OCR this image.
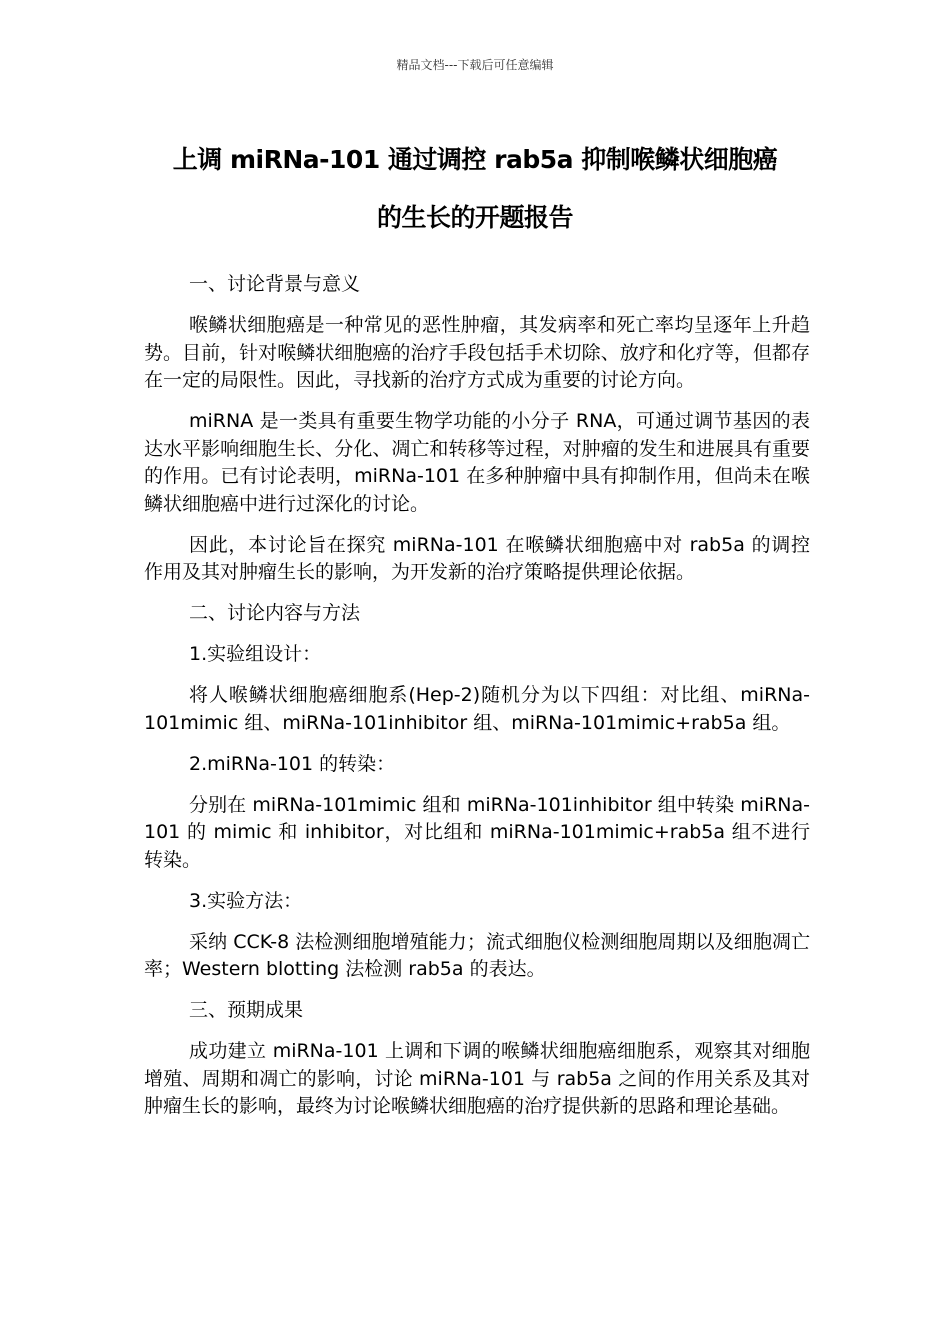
精品文档---下载后可任意编辑
上调 miRNa-101 通过调控 rab5a 抑制喉鳞状细胞癌
的生长的开题报告

一、讨论背景与意义

喉鳞状细胞癌是一种常见的恶性肿瘤，其发病率和死亡率均呈逐年上升趋势。目前，针对喉鳞状细胞癌的治疗手段包括手术切除、放疗和化疗等，但都存在一定的局限性。因此，寻找新的治疗方式成为重要的讨论方向。

miRNA 是一类具有重要生物学功能的小分子 RNA，可通过调节基因的表达水平影响细胞生长、分化、凋亡和转移等过程，对肿瘤的发生和进展具有重要的作用。已有讨论表明，miRNa-101 在多种肿瘤中具有抑制作用，但尚未在喉鳞状细胞癌中进行过深化的讨论。

因此，本讨论旨在探究 miRNa-101 在喉鳞状细胞癌中对 rab5a 的调控作用及其对肿瘤生长的影响，为开发新的治疗策略提供理论依据。

二、讨论内容与方法

1.实验组设计：

将人喉鳞状细胞癌细胞系(Hep-2)随机分为以下四组：对比组、miRNa-101mimic 组、miRNa-101inhibitor 组、miRNa-101mimic+rab5a 组。

2.miRNa-101 的转染：

分别在 miRNa-101mimic 组和 miRNa-101inhibitor 组中转染 miRNa-101 的 mimic 和 inhibitor，对比组和 miRNa-101mimic+rab5a 组不进行转染。

3.实验方法：

采纳 CCK-8 法检测细胞增殖能力；流式细胞仪检测细胞周期以及细胞凋亡率；Western blotting 法检测 rab5a 的表达。

三、预期成果

成功建立 miRNa-101 上调和下调的喉鳞状细胞癌细胞系，观察其对细胞增殖、周期和凋亡的影响，讨论 miRNa-101 与 rab5a 之间的作用关系及其对肿瘤生长的影响，最终为讨论喉鳞状细胞癌的治疗提供新的思路和理论基础。
